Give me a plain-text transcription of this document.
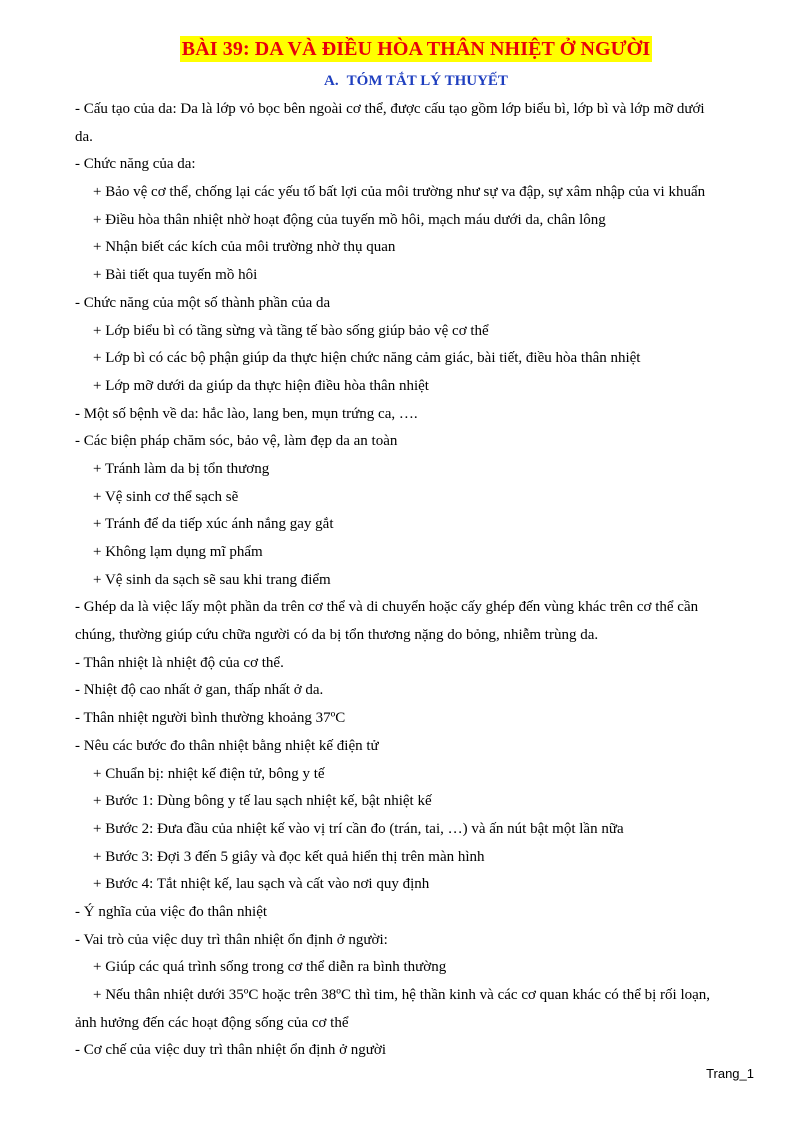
BÀI 39: DA VÀ ĐIỀU HÒA THÂN NHIỆT Ở NGƯỜI
A. TÓM TẮT LÝ THUYẾT
- Cấu tạo của da: Da là lớp vỏ bọc bên ngoài cơ thể, được cấu tạo gồm lớp biểu bì, lớp bì và lớp mỡ dưới
da.
- Chức năng của da:
+ Bảo vệ cơ thể, chống lại các yếu tố bất lợi của môi trường như sự va đập, sự xâm nhập của vi khuẩn
+ Điều hòa thân nhiệt nhờ hoạt động của tuyến mồ hôi, mạch máu dưới da, chân lông
+ Nhận biết các kích của môi trường nhờ thụ quan
+ Bài tiết qua tuyến mồ hôi
- Chức năng của một số thành phần của da
+ Lớp biểu bì có tầng sừng và tầng tế bào sống giúp bảo vệ cơ thể
+ Lớp bì có các bộ phận giúp da thực hiện chức năng cảm giác, bài tiết, điều hòa thân nhiệt
+ Lớp mỡ dưới da giúp da thực hiện điều hòa thân nhiệt
- Một số bệnh về da: hắc lào, lang ben, mụn trứng ca, ….
- Các biện pháp chăm sóc, bảo vệ, làm đẹp da an toàn
+ Tránh làm da bị tổn thương
+ Vệ sinh cơ thể sạch sẽ
+ Tránh để da tiếp xúc ánh nắng gay gắt
+ Không lạm dụng mĩ phẩm
+ Vệ sinh da sạch sẽ sau khi trang điểm
- Ghép da là việc lấy một phần da trên cơ thể và di chuyển hoặc cấy ghép đến vùng khác trên cơ thể cần
chúng, thường giúp cứu chữa người có da bị tổn thương nặng do bỏng, nhiễm trùng da.
- Thân nhiệt là nhiệt độ của cơ thể.
- Nhiệt độ cao nhất ở gan, thấp nhất ở da.
- Thân nhiệt người bình thường khoảng 37ºC
- Nêu các bước đo thân nhiệt bằng nhiệt kế điện tử
+ Chuẩn bị: nhiệt kế điện tử, bông y tế
+ Bước 1: Dùng bông y tế lau sạch nhiệt kế, bật nhiệt kế
+ Bước 2: Đưa đầu của nhiệt kế vào vị trí cần đo (trán, tai, …) và ấn nút bật một lần nữa
+ Bước 3: Đợi 3 đến 5 giây và đọc kết quả hiển thị trên màn hình
+ Bước 4: Tắt nhiệt kế, lau sạch và cất vào nơi quy định
- Ý nghĩa của việc đo thân nhiệt
- Vai trò của việc duy trì thân nhiệt ổn định ở người:
+ Giúp các quá trình sống trong cơ thể diễn ra bình thường
+ Nếu thân nhiệt dưới 35ºC hoặc trên 38ºC thì tim, hệ thần kinh và các cơ quan khác có thể bị rối loạn,
ảnh hưởng đến các hoạt động sống của cơ thể
- Cơ chế của việc duy trì thân nhiệt ổn định ở người
Trang_1
